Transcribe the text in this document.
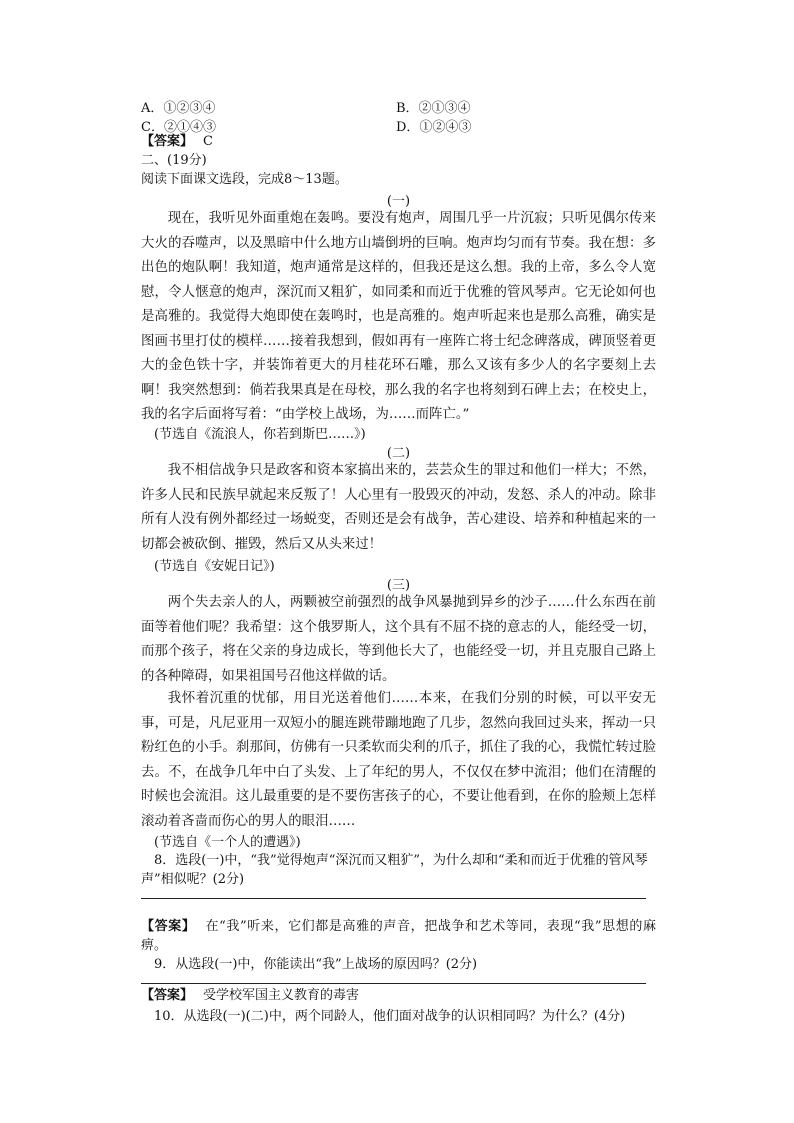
A．①②③④	B．②①③④
C．②①④③	D．①②④③
【答案】 C
二、(19分)
阅读下面课文选段，完成8～13题。
(一)
现在，我听见外面重炮在轰鸣。要没有炮声，周围几乎一片沉寂；只听见偶尔传来大火的吞噬声，以及黑暗中什么地方山墙倒坍的巨响。炮声均匀而有节奏。我在想：多出色的炮队啊！我知道，炮声通常是这样的，但我还是这么想。我的上帝，多么令人宽慰，令人惬意的炮声，深沉而又粗犷，如同柔和而近于优雅的管风琴声。它无论如何也是高雅的。我觉得大炮即使在轰鸣时，也是高雅的。炮声听起来也是那么高雅，确实是图画书里打仗的模样……接着我想到，假如再有一座阵亡将士纪念碑落成，碑顶竖着更大的金色铁十字，并装饰着更大的月桂花环石雕，那么又该有多少人的名字要刻上去啊！我突然想到：倘若我果真是在母校，那么我的名字也将刻到石碑上去；在校史上，我的名字后面将写着：“由学校上战场，为……而阵亡。”
(节选自《流浪人，你若到斯巴……》)
(二)
我不相信战争只是政客和资本家搞出来的，芸芸众生的罪过和他们一样大；不然，许多人民和民族早就起来反叛了！人心里有一股毁灭的冲动，发怒、杀人的冲动。除非所有人没有例外都经过一场蜕变，否则还是会有战争，苦心建设、培养和种植起来的一切都会被砍倒、摧毁，然后又从头来过！
(节选自《安妮日记》)
(三)
两个失去亲人的人，两颗被空前强烈的战争风暴抛到异乡的沙子……什么东西在前面等着他们呢？我希望：这个俄罗斯人，这个具有不屈不挠的意志的人，能经受一切，而那个孩子，将在父亲的身边成长，等到他长大了，也能经受一切，并且克服自己路上的各种障碍，如果祖国号召他这样做的话。
我怀着沉重的忧郁，用目光送着他们……本来，在我们分别的时候，可以平安无事，可是，凡尼亚用一双短小的腿连跳带蹦地跑了几步，忽然向我回过头来，挥动一只粉红色的小手。刹那间，仿佛有一只柔软而尖利的爪子，抓住了我的心，我慌忙转过脸去。不，在战争几年中白了头发、上了年纪的男人，不仅仅在梦中流泪；他们在清醒的时候也会流泪。这儿最重要的是不要伤害孩子的心，不要让他看到，在你的脸颊上怎样滚动着吝啬而伤心的男人的眼泪……
(节选自《一个人的遭遇》)
8．选段(一)中，“我”觉得炮声“深沉而又粗犷”，为什么却和“柔和而近于优雅的管风琴声”相似呢？(2分)
【答案】 在“我”听来，它们都是高雅的声音，把战争和艺术等同，表现“我”思想的麻痹。
9．从选段(一)中，你能读出“我”上战场的原因吗？(2分)
【答案】 受学校军国主义教育的毒害
10．从选段(一)(二)中，两个同龄人，他们面对战争的认识相同吗？为什么？(4分)
